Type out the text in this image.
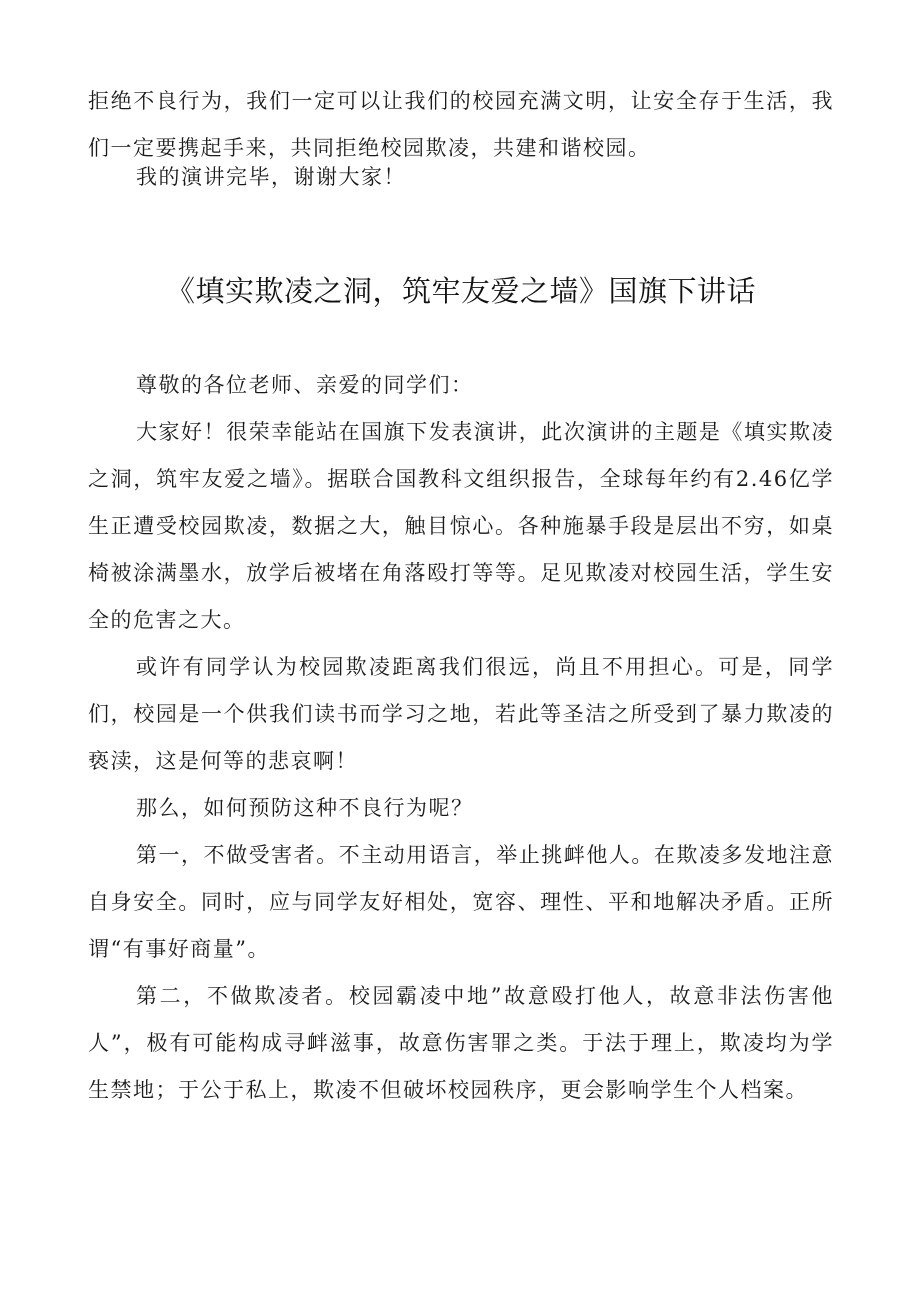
拒绝不良行为，我们一定可以让我们的校园充满文明，让安全存于生活，我们一定要携起手来，共同拒绝校园欺凌，共建和谐校园。

我的演讲完毕，谢谢大家！

《填实欺凌之洞，筑牢友爱之墙》国旗下讲话

尊敬的各位老师、亲爱的同学们：

大家好！很荣幸能站在国旗下发表演讲，此次演讲的主题是《填实欺凌之洞，筑牢友爱之墙》。据联合国教科文组织报告，全球每年约有2.46亿学生正遭受校园欺凌，数据之大，触目惊心。各种施暴手段是层出不穷，如桌椅被涂满墨水，放学后被堵在角落殴打等等。足见欺凌对校园生活，学生安全的危害之大。

或许有同学认为校园欺凌距离我们很远，尚且不用担心。可是，同学们，校园是一个供我们读书而学习之地，若此等圣洁之所受到了暴力欺凌的亵渎，这是何等的悲哀啊！

那么，如何预防这种不良行为呢？

第一，不做受害者。不主动用语言，举止挑衅他人。在欺凌多发地注意自身安全。同时，应与同学友好相处，宽容、理性、平和地解决矛盾。正所谓“有事好商量”。

第二，不做欺凌者。校园霸凌中地”故意殴打他人，故意非法伤害他人”，极有可能构成寻衅滋事，故意伤害罪之类。于法于理上，欺凌均为学生禁地；于公于私上，欺凌不但破坏校园秩序，更会影响学生个人档案。
